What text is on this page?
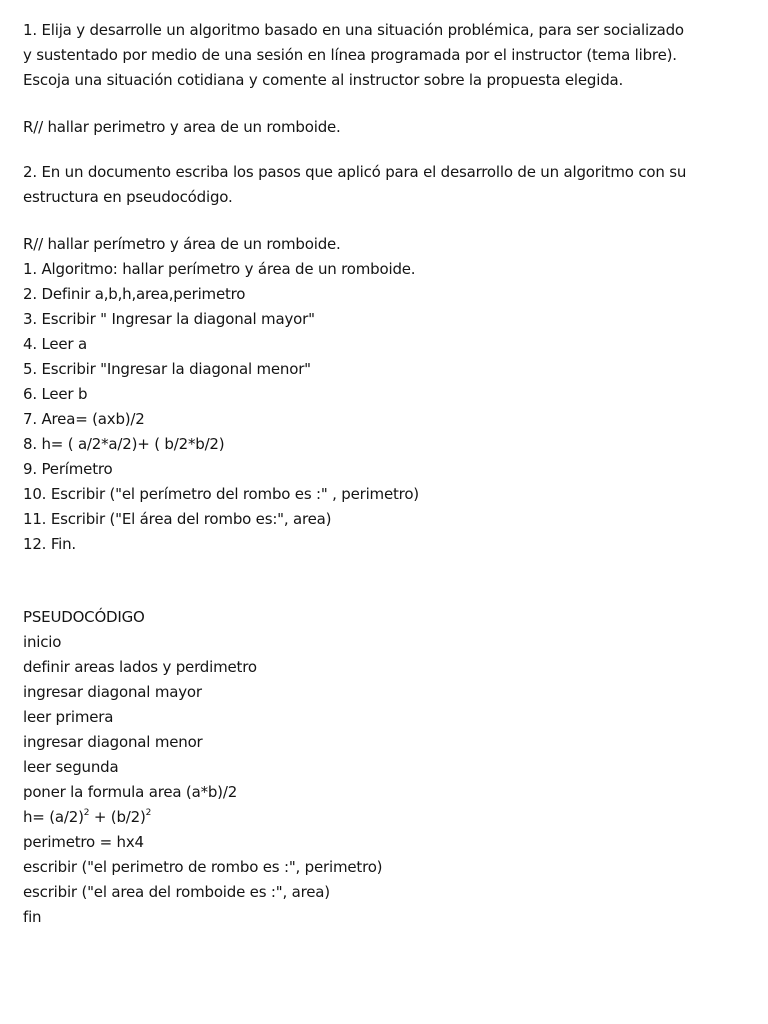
1. Elija y desarrolle un algoritmo basado en una situación problémica, para ser socializado
y sustentado por medio de una sesión en línea programada por el instructor (tema libre).
Escoja una situación cotidiana y comente al instructor sobre la propuesta elegida.
R// hallar perimetro y area de un romboide.
2. En un documento escriba los pasos que aplicó para el desarrollo de un algoritmo con su
estructura en pseudocódigo.
R// hallar perímetro y área de un romboide.
1. Algoritmo: hallar perímetro y área de un romboide.
2. Definir a,b,h,area,perimetro
3. Escribir " Ingresar la diagonal mayor"
4. Leer a
5. Escribir "Ingresar la diagonal menor"
6. Leer b
7. Area= (axb)/2
8. h= ( a/2*a/2)+ ( b/2*b/2)
9. Perímetro
10. Escribir ("el perímetro del rombo es :" , perimetro)
11. Escribir ("El área del rombo es:", area)
12. Fin.
PSEUDOCÓDIGO
inicio
definir areas lados y perdimetro
ingresar diagonal mayor
leer primera
ingresar diagonal menor
leer segunda
poner la formula area (a*b)/2
$h= (a/2)^2 + (b/2)^2$
perimetro = hx4
escribir ("el perimetro de rombo es :", perimetro)
escribir ("el area del romboide es :", area)
fin
